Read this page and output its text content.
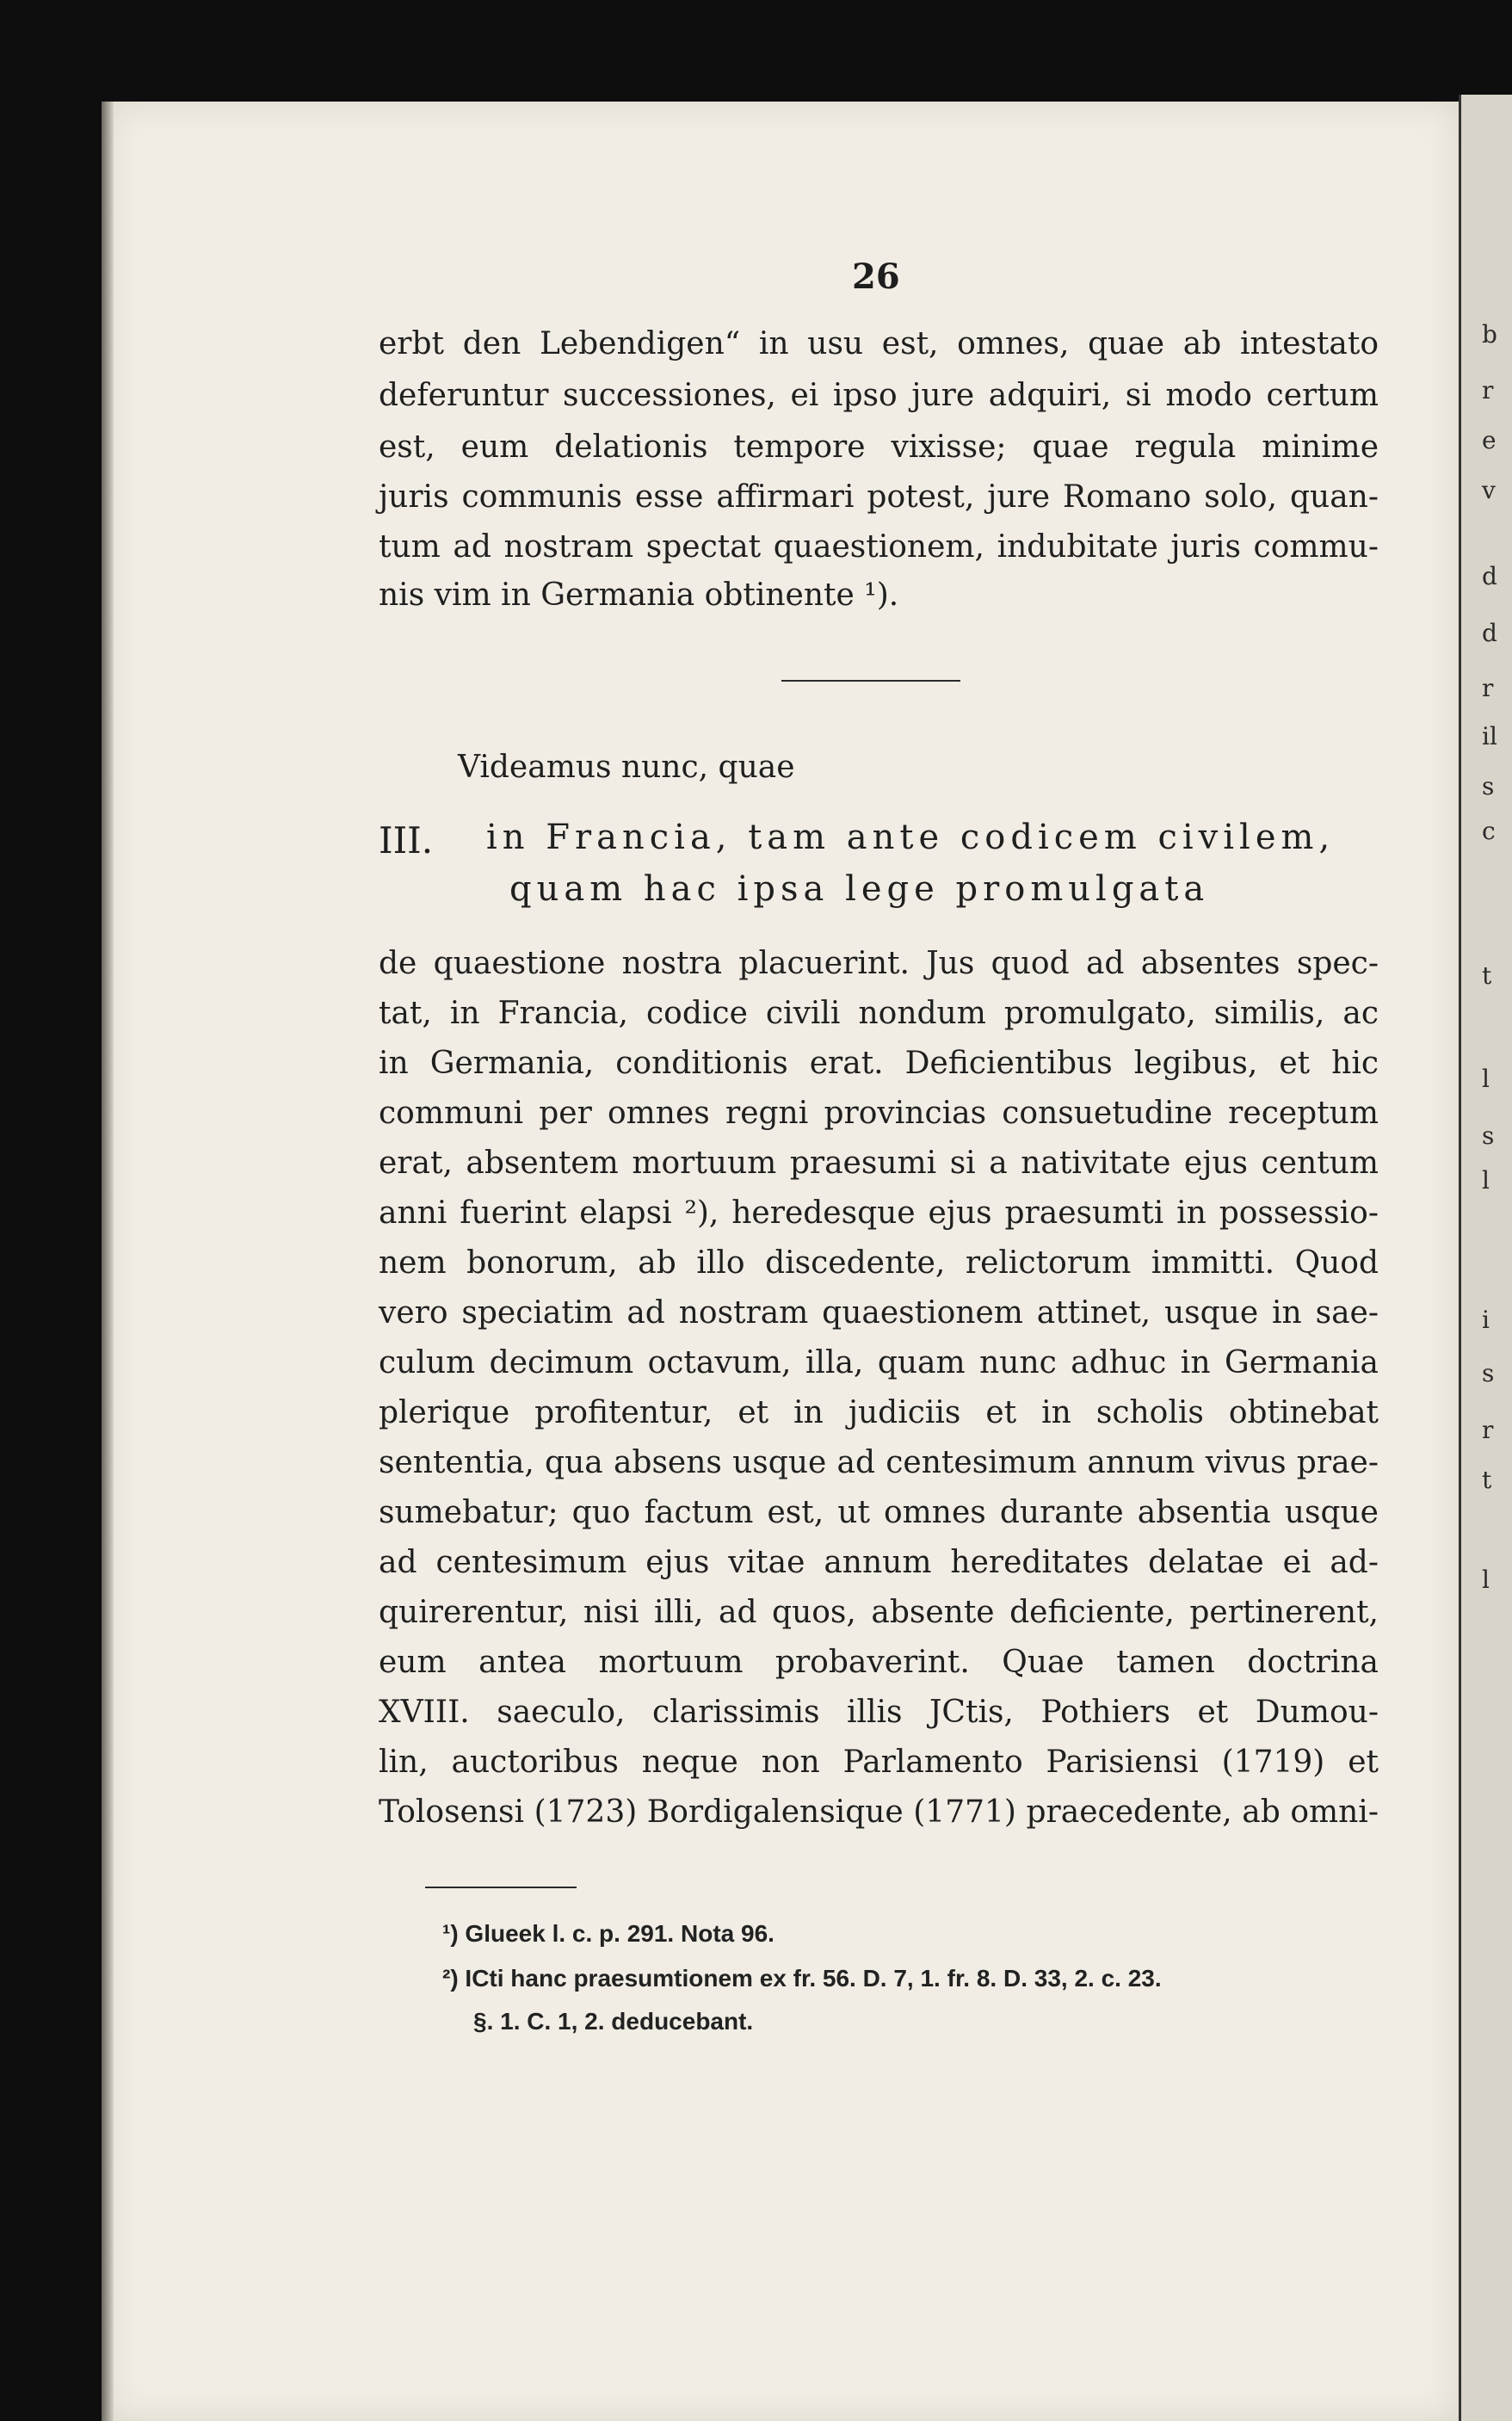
b
r
e
v
d
d
r
il
s
c
t
l
s
l
i
s
r
t
l
26
erbt den Lebendigen“ in usu est, omnes, quae ab intestato
deferuntur successiones, ei ipso jure adquiri, si modo certum
est, eum delationis tempore vixisse; quae regula minime
juris communis esse affirmari potest, jure Romano solo, quan-
tum ad nostram spectat quaestionem, indubitate juris commu-
nis vim in Germania obtinente ¹).
Videamus nunc, quae
III. in Francia, tam ante codicem civilem,
quam hac ipsa lege promulgata
de quaestione nostra placuerint. Jus quod ad absentes spec-
tat, in Francia, codice civili nondum promulgato, similis, ac
in Germania, conditionis erat. Deficientibus legibus, et hic
communi per omnes regni provincias consuetudine receptum
erat, absentem mortuum praesumi si a nativitate ejus centum
anni fuerint elapsi ²), heredesque ejus praesumti in possessio-
nem bonorum, ab illo discedente, relictorum immitti. Quod
vero speciatim ad nostram quaestionem attinet, usque in sae-
culum decimum octavum, illa, quam nunc adhuc in Germania
plerique profitentur, et in judiciis et in scholis obtinebat
sententia, qua absens usque ad centesimum annum vivus prae-
sumebatur; quo factum est, ut omnes durante absentia usque
ad centesimum ejus vitae annum hereditates delatae ei ad-
quirerentur, nisi illi, ad quos, absente deficiente, pertinerent,
eum antea mortuum probaverint. Quae tamen doctrina
XVIII. saeculo, clarissimis illis JCtis, Pothiers et Dumou-
lin, auctoribus neque non Parlamento Parisiensi (1719) et
Tolosensi (1723) Bordigalensique (1771) praecedente, ab omni-
¹) Glueek l. c. p. 291. Nota 96.
²) ICti hanc praesumtionem ex fr. 56. D. 7, 1. fr. 8. D. 33, 2. c. 23.
§. 1. C. 1, 2. deducebant.
